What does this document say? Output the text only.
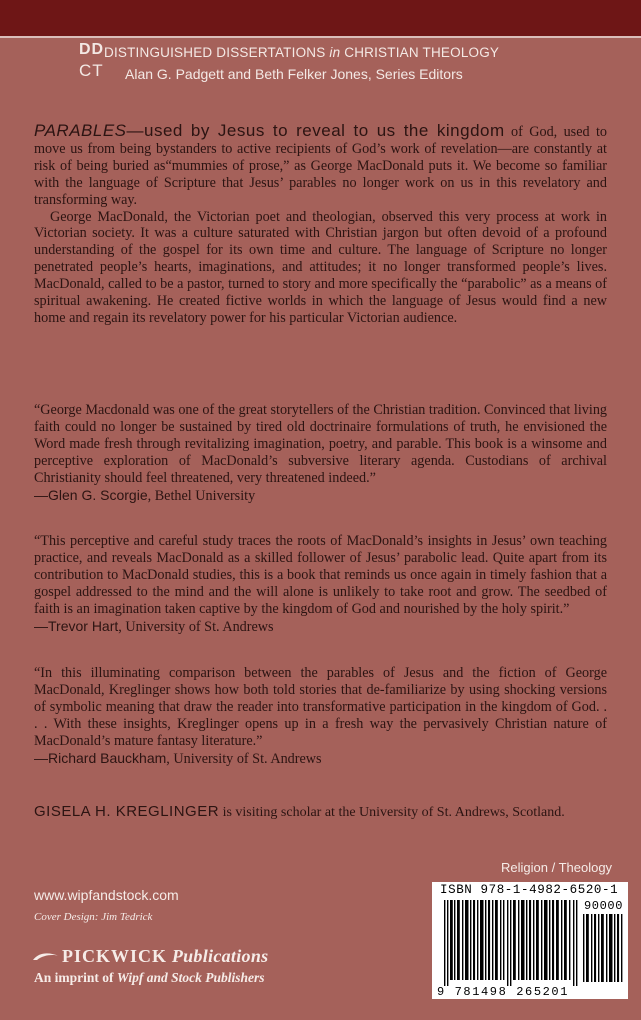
DD
CT
DISTINGUISHED DISSERTATIONS in CHRISTIAN THEOLOGY
Alan G. Padgett and Beth Felker Jones, Series Editors

PARABLES—used by Jesus to reveal to us the kingdom of God, used to move us from being bystanders to active recipients of God’s work of revelation—are constantly at risk of being buried as“mummies of prose,” as George MacDonald puts it. We become so familiar with the language of Scripture that Jesus’ parables no longer work on us in this revelatory and transforming way.

George MacDonald, the Victorian poet and theologian, observed this very process at work in Victorian society. It was a culture saturated with Christian jargon but often devoid of a profound understanding of the gospel for its own time and culture. The language of Scripture no longer penetrated people’s hearts, imaginations, and attitudes; it no longer transformed people’s lives. MacDonald, called to be a pastor, turned to story and more specifically the “parabolic” as a means of spiritual awakening. He created fictive worlds in which the language of Jesus would find a new home and regain its revelatory power for his particular Victorian audience.

“George Macdonald was one of the great storytellers of the Christian tradition. Convinced that living faith could no longer be sustained by tired old doctrinaire formulations of truth, he envisioned the Word made fresh through revitalizing imagination, poetry, and parable. This book is a winsome and perceptive exploration of MacDonald’s subversive literary agenda. Custodians of archival Christianity should feel threatened, very threatened indeed.”

—Glen G. Scorgie, Bethel University

“This perceptive and careful study traces the roots of MacDonald’s insights in Jesus’ own teaching practice, and reveals MacDonald as a skilled follower of Jesus’ parabolic lead. Quite apart from its contribution to MacDonald studies, this is a book that reminds us once again in timely fashion that a gospel addressed to the mind and the will alone is unlikely to take root and grow. The seedbed of faith is an imagination taken captive by the kingdom of God and nourished by the holy spirit.”

—Trevor Hart, University of St. Andrews

“In this illuminating comparison between the parables of Jesus and the fiction of George MacDonald, Kreglinger shows how both told stories that de-familiarize by using shocking versions of symbolic meaning that draw the reader into transformative participation in the kingdom of God. . . . With these insights, Kreglinger opens up in a fresh way the pervasively Christian nature of MacDonald’s mature fantasy literature.”

—Richard Bauckham, University of St. Andrews

GISELA H. KREGLINGER is visiting scholar at the University of St. Andrews, Scotland.
Religion / Theology
ISBN 978-1-4982-6520-1
90000
9 781498 265201
www.wipfandstock.com
Cover Design: Jim Tedrick
PICKWICK Publications
An imprint of Wipf and Stock Publishers
